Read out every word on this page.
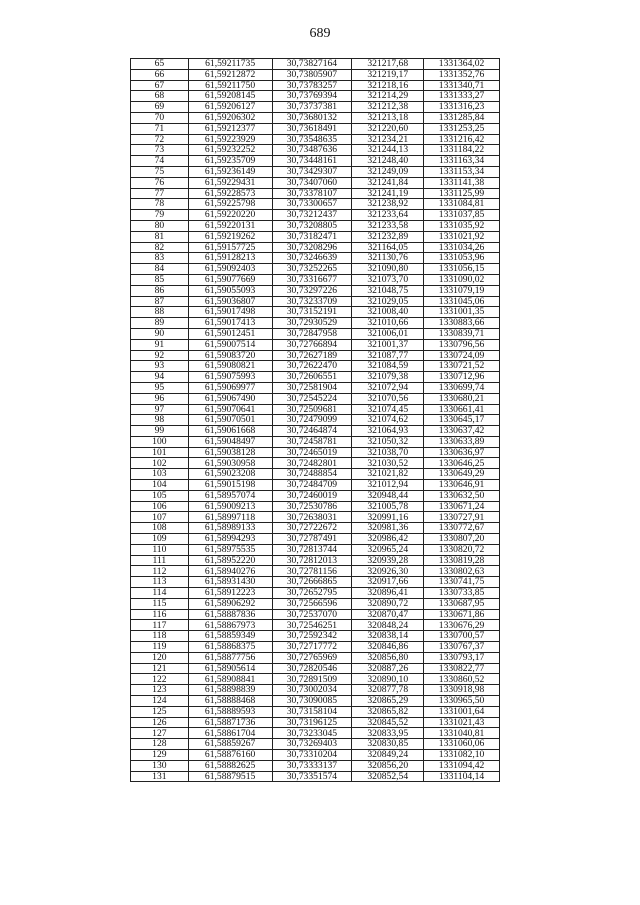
689
65	61,59211735	30,73827164	321217,68	1331364,02
66	61,59212872	30,73805907	321219,17	1331352,76
67	61,59211750	30,73783257	321218,16	1331340,71
68	61,59208145	30,73769394	321214,29	1331333,27
69	61,59206127	30,73737381	321212,38	1331316,23
70	61,59206302	30,73680132	321213,18	1331285,84
71	61,59212377	30,73618491	321220,60	1331253,25
72	61,59223929	30,73548635	321234,21	1331216,42
73	61,59232252	30,73487636	321244,13	1331184,22
74	61,59235709	30,73448161	321248,40	1331163,34
75	61,59236149	30,73429307	321249,09	1331153,34
76	61,59229431	30,73407060	321241,84	1331141,38
77	61,59228573	30,73378107	321241,19	1331125,99
78	61,59225798	30,73300657	321238,92	1331084,81
79	61,59220220	30,73212437	321233,64	1331037,85
80	61,59220131	30,73208805	321233,58	1331035,92
81	61,59219262	30,73182471	321232,89	1331021,92
82	61,59157725	30,73208296	321164,05	1331034,26
83	61,59128213	30,73246639	321130,76	1331053,96
84	61,59092403	30,73252265	321090,80	1331056,15
85	61,59077669	30,73316677	321073,70	1331090,02
86	61,59055093	30,73297226	321048,75	1331079,19
87	61,59036807	30,73233709	321029,05	1331045,06
88	61,59017498	30,73152191	321008,40	1331001,35
89	61,59017413	30,72930529	321010,66	1330883,66
90	61,59012451	30,72847958	321006,01	1330839,71
91	61,59007514	30,72766894	321001,37	1330796,56
92	61,59083720	30,72627189	321087,77	1330724,09
93	61,59080821	30,72622470	321084,59	1330721,52
94	61,59075993	30,72606551	321079,38	1330712,96
95	61,59069977	30,72581904	321072,94	1330699,74
96	61,59067490	30,72545224	321070,56	1330680,21
97	61,59070641	30,72509681	321074,45	1330661,41
98	61,59070501	30,72479099	321074,62	1330645,17
99	61,59061668	30,72464874	321064,93	1330637,42
100	61,59048497	30,72458781	321050,32	1330633,89
101	61,59038128	30,72465019	321038,70	1330636,97
102	61,59030958	30,72482801	321030,52	1330646,25
103	61,59023208	30,72488854	321021,82	1330649,29
104	61,59015198	30,72484709	321012,94	1330646,91
105	61,58957074	30,72460019	320948,44	1330632,50
106	61,59009213	30,72530786	321005,78	1330671,24
107	61,58997118	30,72638031	320991,16	1330727,91
108	61,58989133	30,72722672	320981,36	1330772,67
109	61,58994293	30,72787491	320986,42	1330807,20
110	61,58975535	30,72813744	320965,24	1330820,72
111	61,58952220	30,72812013	320939,28	1330819,28
112	61,58940276	30,72781156	320926,30	1330802,63
113	61,58931430	30,72666865	320917,66	1330741,75
114	61,58912223	30,72652795	320896,41	1330733,85
115	61,58906292	30,72566596	320890,72	1330687,95
116	61,58887836	30,72537070	320870,47	1330671,86
117	61,58867973	30,72546251	320848,24	1330676,29
118	61,58859349	30,72592342	320838,14	1330700,57
119	61,58868375	30,72717772	320846,86	1330767,37
120	61,58877756	30,72765969	320856,80	1330793,17
121	61,58905614	30,72820546	320887,26	1330822,77
122	61,58908841	30,72891509	320890,10	1330860,52
123	61,58898839	30,73002034	320877,78	1330918,98
124	61,58888468	30,73090085	320865,29	1330965,50
125	61,58889593	30,73158104	320865,82	1331001,64
126	61,58871736	30,73196125	320845,52	1331021,43
127	61,58861704	30,73233045	320833,95	1331040,81
128	61,58859267	30,73269403	320830,85	1331060,06
129	61,58876160	30,73310204	320849,24	1331082,10
130	61,58882625	30,73333137	320856,20	1331094,42
131	61,58879515	30,73351574	320852,54	1331104,14
